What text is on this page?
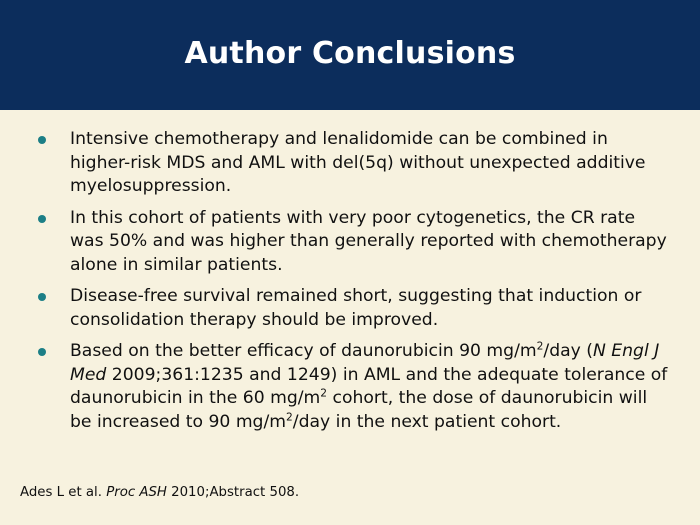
Author Conclusions
Intensive chemotherapy and lenalidomide can be combined in higher-risk MDS and AML with del(5q) without unexpected additive myelosuppression.
In this cohort of patients with very poor cytogenetics, the CR rate was 50% and was higher than generally reported with chemotherapy alone in similar patients.
Disease-free survival remained short, suggesting that induction or consolidation therapy should be improved.
Based on the better efficacy of daunorubicin 90 $mg/m^2$/day (N Engl J Med 2009;361:1235 and 1249) in AML and the adequate tolerance of daunorubicin in the 60 $mg/m^2$ cohort, the dose of daunorubicin will be increased to 90 $mg/m^2$/day in the next patient cohort.
Ades L et al. Proc ASH 2010;Abstract 508.
